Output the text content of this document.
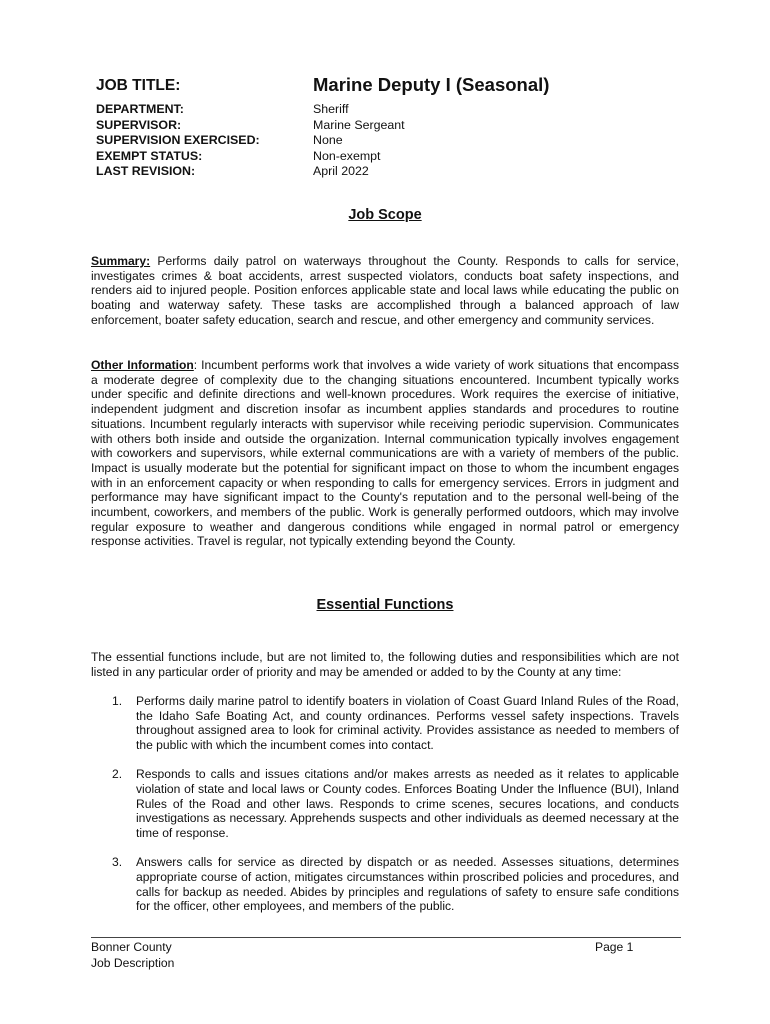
JOB TITLE:	Marine Deputy I (Seasonal)
DEPARTMENT:	Sheriff
SUPERVISOR:	Marine Sergeant
SUPERVISION EXERCISED:	None
EXEMPT STATUS:	Non-exempt
LAST REVISION:	April 2022
Job Scope

Summary: Performs daily patrol on waterways throughout the County. Responds to calls for service, investigates crimes & boat accidents, arrest suspected violators, conducts boat safety inspections, and renders aid to injured people. Position enforces applicable state and local laws while educating the public on boating and waterway safety. These tasks are accomplished through a balanced approach of law enforcement, boater safety education, search and rescue, and other emergency and community services.

Other Information: Incumbent performs work that involves a wide variety of work situations that encompass a moderate degree of complexity due to the changing situations encountered. Incumbent typically works under specific and definite directions and well-known procedures. Work requires the exercise of initiative, independent judgment and discretion insofar as incumbent applies standards and procedures to routine situations. Incumbent regularly interacts with supervisor while receiving periodic supervision. Communicates with others both inside and outside the organization. Internal communication typically involves engagement with coworkers and supervisors, while external communications are with a variety of members of the public. Impact is usually moderate but the potential for significant impact on those to whom the incumbent engages with in an enforcement capacity or when responding to calls for emergency services. Errors in judgment and performance may have significant impact to the County's reputation and to the personal well-being of the incumbent, coworkers, and members of the public. Work is generally performed outdoors, which may involve regular exposure to weather and dangerous conditions while engaged in normal patrol or emergency response activities. Travel is regular, not typically extending beyond the County.

Essential Functions

The essential functions include, but are not limited to, the following duties and responsibilities which are not listed in any particular order of priority and may be amended or added to by the County at any time:

1. Performs daily marine patrol to identify boaters in violation of Coast Guard Inland Rules of the Road, the Idaho Safe Boating Act, and county ordinances. Performs vessel safety inspections. Travels throughout assigned area to look for criminal activity. Provides assistance as needed to members of the public with which the incumbent comes into contact.
2. Responds to calls and issues citations and/or makes arrests as needed as it relates to applicable violation of state and local laws or County codes. Enforces Boating Under the Influence (BUI), Inland Rules of the Road and other laws. Responds to crime scenes, secures locations, and conducts investigations as necessary. Apprehends suspects and other individuals as deemed necessary at the time of response.
3. Answers calls for service as directed by dispatch or as needed. Assesses situations, determines appropriate course of action, mitigates circumstances within proscribed policies and procedures, and calls for backup as needed. Abides by principles and regulations of safety to ensure safe conditions for the officer, other employees, and members of the public.
Bonner County
Job Description
Page 1
